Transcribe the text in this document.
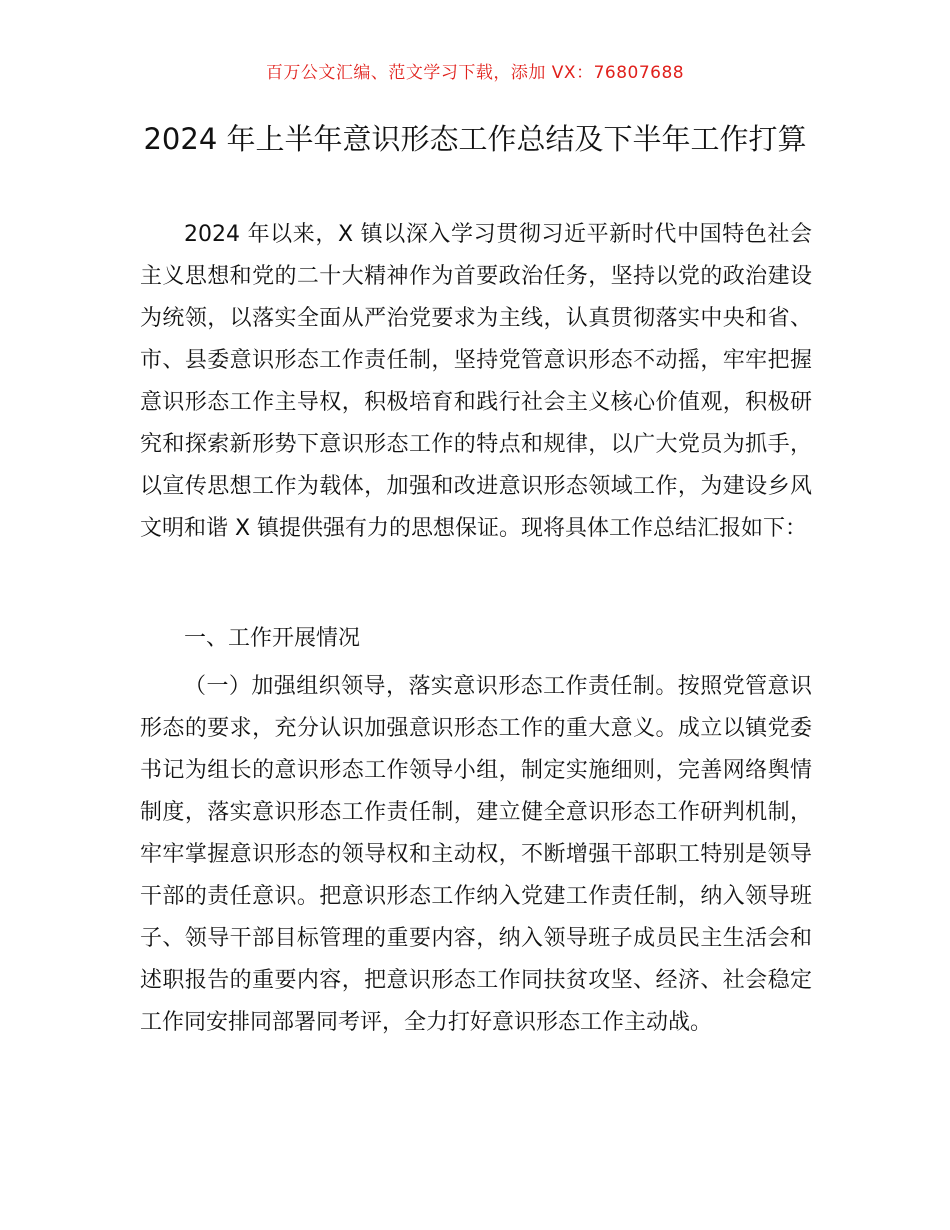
百万公文汇编、范文学习下载，添加 VX：76807688
2024 年上半年意识形态工作总结及下半年工作打算

2024 年以来，X 镇以深入学习贯彻习近平新时代中国特色社会主义思想和党的二十大精神作为首要政治任务，坚持以党的政治建设为统领，以落实全面从严治党要求为主线，认真贯彻落实中央和省、市、县委意识形态工作责任制，坚持党管意识形态不动摇，牢牢把握意识形态工作主导权，积极培育和践行社会主义核心价值观，积极研究和探索新形势下意识形态工作的特点和规律，以广大党员为抓手，以宣传思想工作为载体，加强和改进意识形态领域工作，为建设乡风文明和谐 X 镇提供强有力的思想保证。现将具体工作总结汇报如下：

一、工作开展情况

（一）加强组织领导，落实意识形态工作责任制。按照党管意识形态的要求，充分认识加强意识形态工作的重大意义。成立以镇党委书记为组长的意识形态工作领导小组，制定实施细则，完善网络舆情制度，落实意识形态工作责任制，建立健全意识形态工作研判机制，牢牢掌握意识形态的领导权和主动权，不断增强干部职工特别是领导干部的责任意识。把意识形态工作纳入党建工作责任制，纳入领导班子、领导干部目标管理的重要内容，纳入领导班子成员民主生活会和述职报告的重要内容，把意识形态工作同扶贫攻坚、经济、社会稳定工作同安排同部署同考评，全力打好意识形态工作主动战。
